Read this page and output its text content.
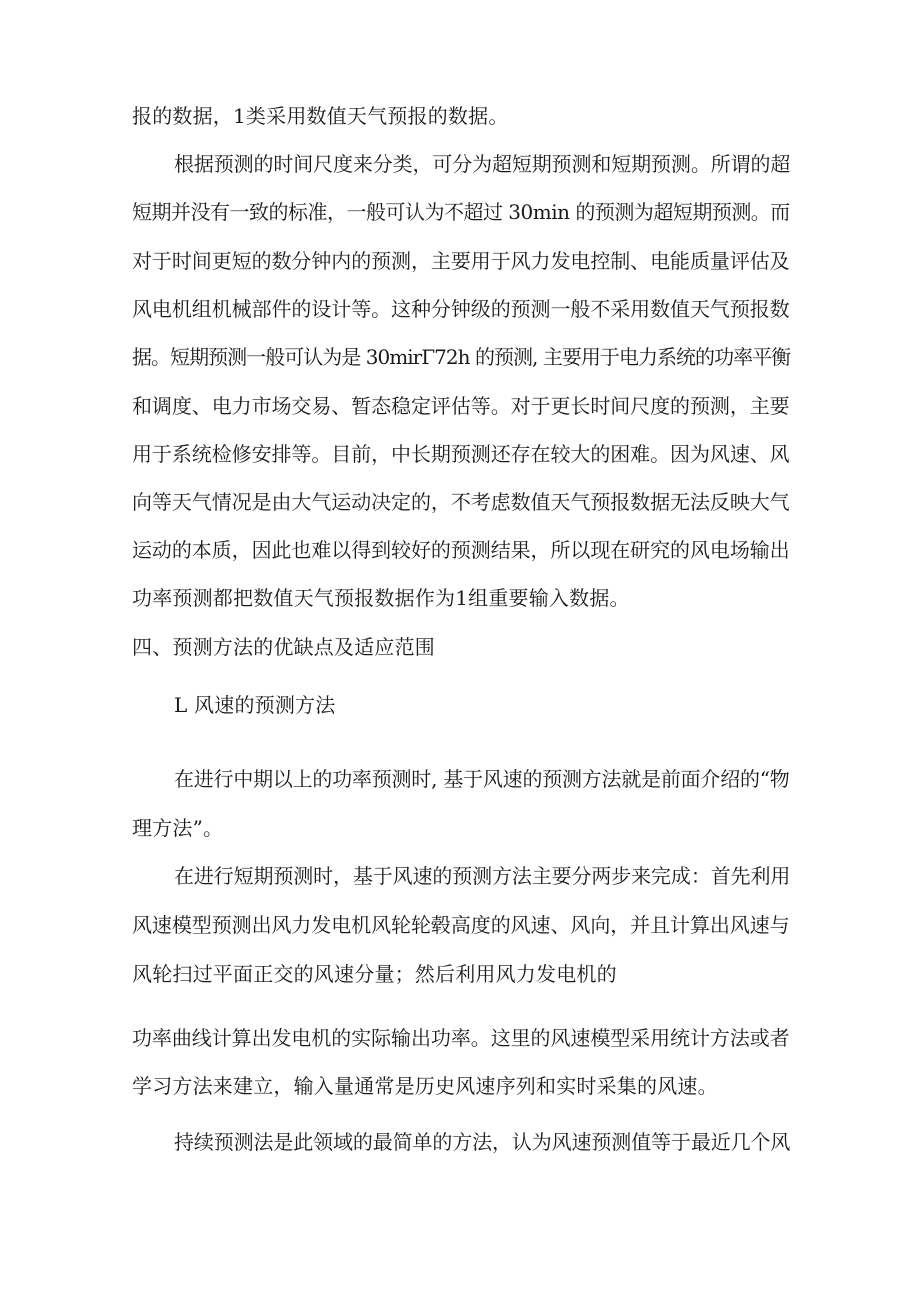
报的数据，1类采用数值天气预报的数据。
根据预测的时间尺度来分类，可分为超短期预测和短期预测。所谓的超
短期并没有一致的标准，一般可认为不超过 30min 的预测为超短期预测。而
对于时间更短的数分钟内的预测，主要用于风力发电控制、电能质量评估及
风电机组机械部件的设计等。这种分钟级的预测一般不采用数值天气预报数
据。短期预测一般可认为是 30mirΓ72h 的预测, 主要用于电力系统的功率平衡
和调度、电力市场交易、暂态稳定评估等。对于更长时间尺度的预测，主要
用于系统检修安排等。目前，中长期预测还存在较大的困难。因为风速、风
向等天气情况是由大气运动决定的，不考虑数值天气预报数据无法反映大气
运动的本质，因此也难以得到较好的预测结果，所以现在研究的风电场输出
功率预测都把数值天气预报数据作为1组重要输入数据。
四、预测方法的优缺点及适应范围
L 风速的预测方法
在进行中期以上的功率预测时, 基于风速的预测方法就是前面介绍的“物
理方法”。
在进行短期预测时，基于风速的预测方法主要分两步来完成：首先利用
风速模型预测出风力发电机风轮轮毂高度的风速、风向，并且计算出风速与
风轮扫过平面正交的风速分量；然后利用风力发电机的
功率曲线计算出发电机的实际输出功率。这里的风速模型采用统计方法或者
学习方法来建立，输入量通常是历史风速序列和实时采集的风速。
持续预测法是此领域的最简单的方法，认为风速预测值等于最近几个风
